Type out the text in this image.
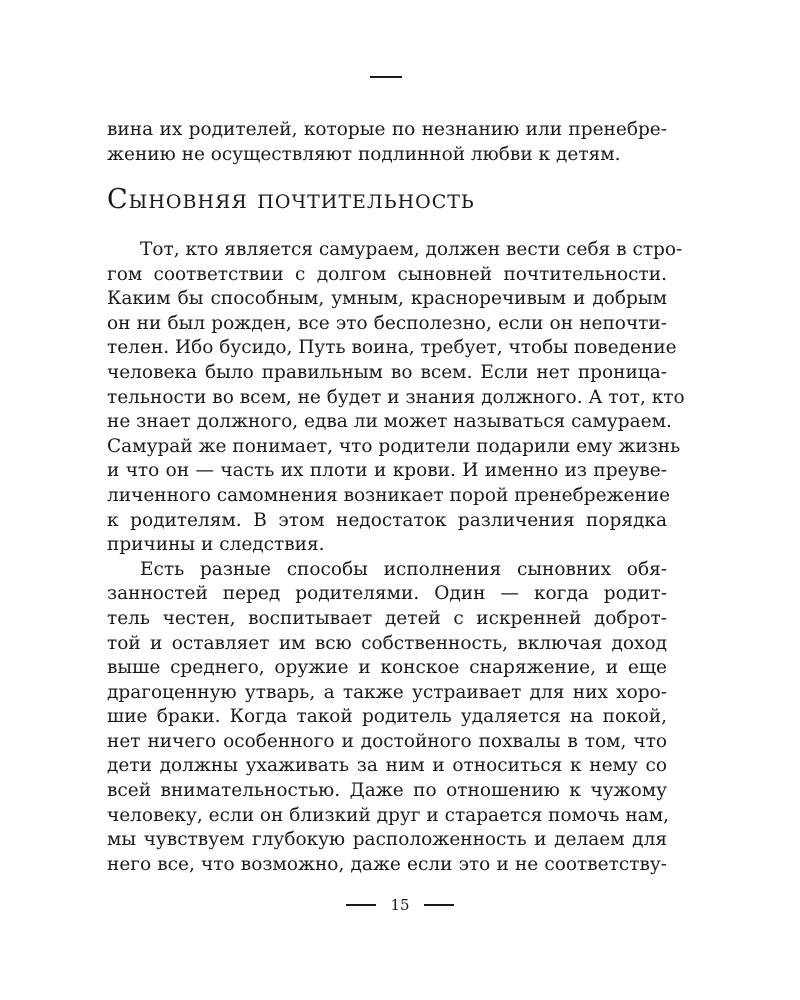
вина их родителей, которые по незнанию или пренебре-
жению не осуществляют подлинной любви к детям.
Сыновняя почтительность
Тот, кто является самураем, должен вести себя в стро-
гом соответствии с долгом сыновней почтительности.
Каким бы способным, умным, красноречивым и добрым
он ни был рожден, все это бесполезно, если он непочти-
телен. Ибо бусидо, Путь воина, требует, чтобы поведение
человека было правильным во всем. Если нет проница-
тельности во всем, не будет и знания должного. А тот, кто
не знает должного, едва ли может называться самураем.
Самурай же понимает, что родители подарили ему жизнь
и что он — часть их плоти и крови. И именно из преуве-
личенного самомнения возникает порой пренебрежение
к родителям. В этом недостаток различения порядка
причины и следствия.
Есть разные способы исполнения сыновних обя-
занностей перед родителями. Один — когда родит-
тель честен, воспитывает детей с искренней доброт-
той и оставляет им всю собственность, включая доход
выше среднего, оружие и конское снаряжение, и еще
драгоценную утварь, а также устраивает для них хоро-
шие браки. Когда такой родитель удаляется на покой,
нет ничего особенного и достойного похвалы в том, что
дети должны ухаживать за ним и относиться к нему со
всей внимательностью. Даже по отношению к чужому
человеку, если он близкий друг и старается помочь нам,
мы чувствуем глубокую расположенность и делаем для
него все, что возможно, даже если это и не соответству-
15
